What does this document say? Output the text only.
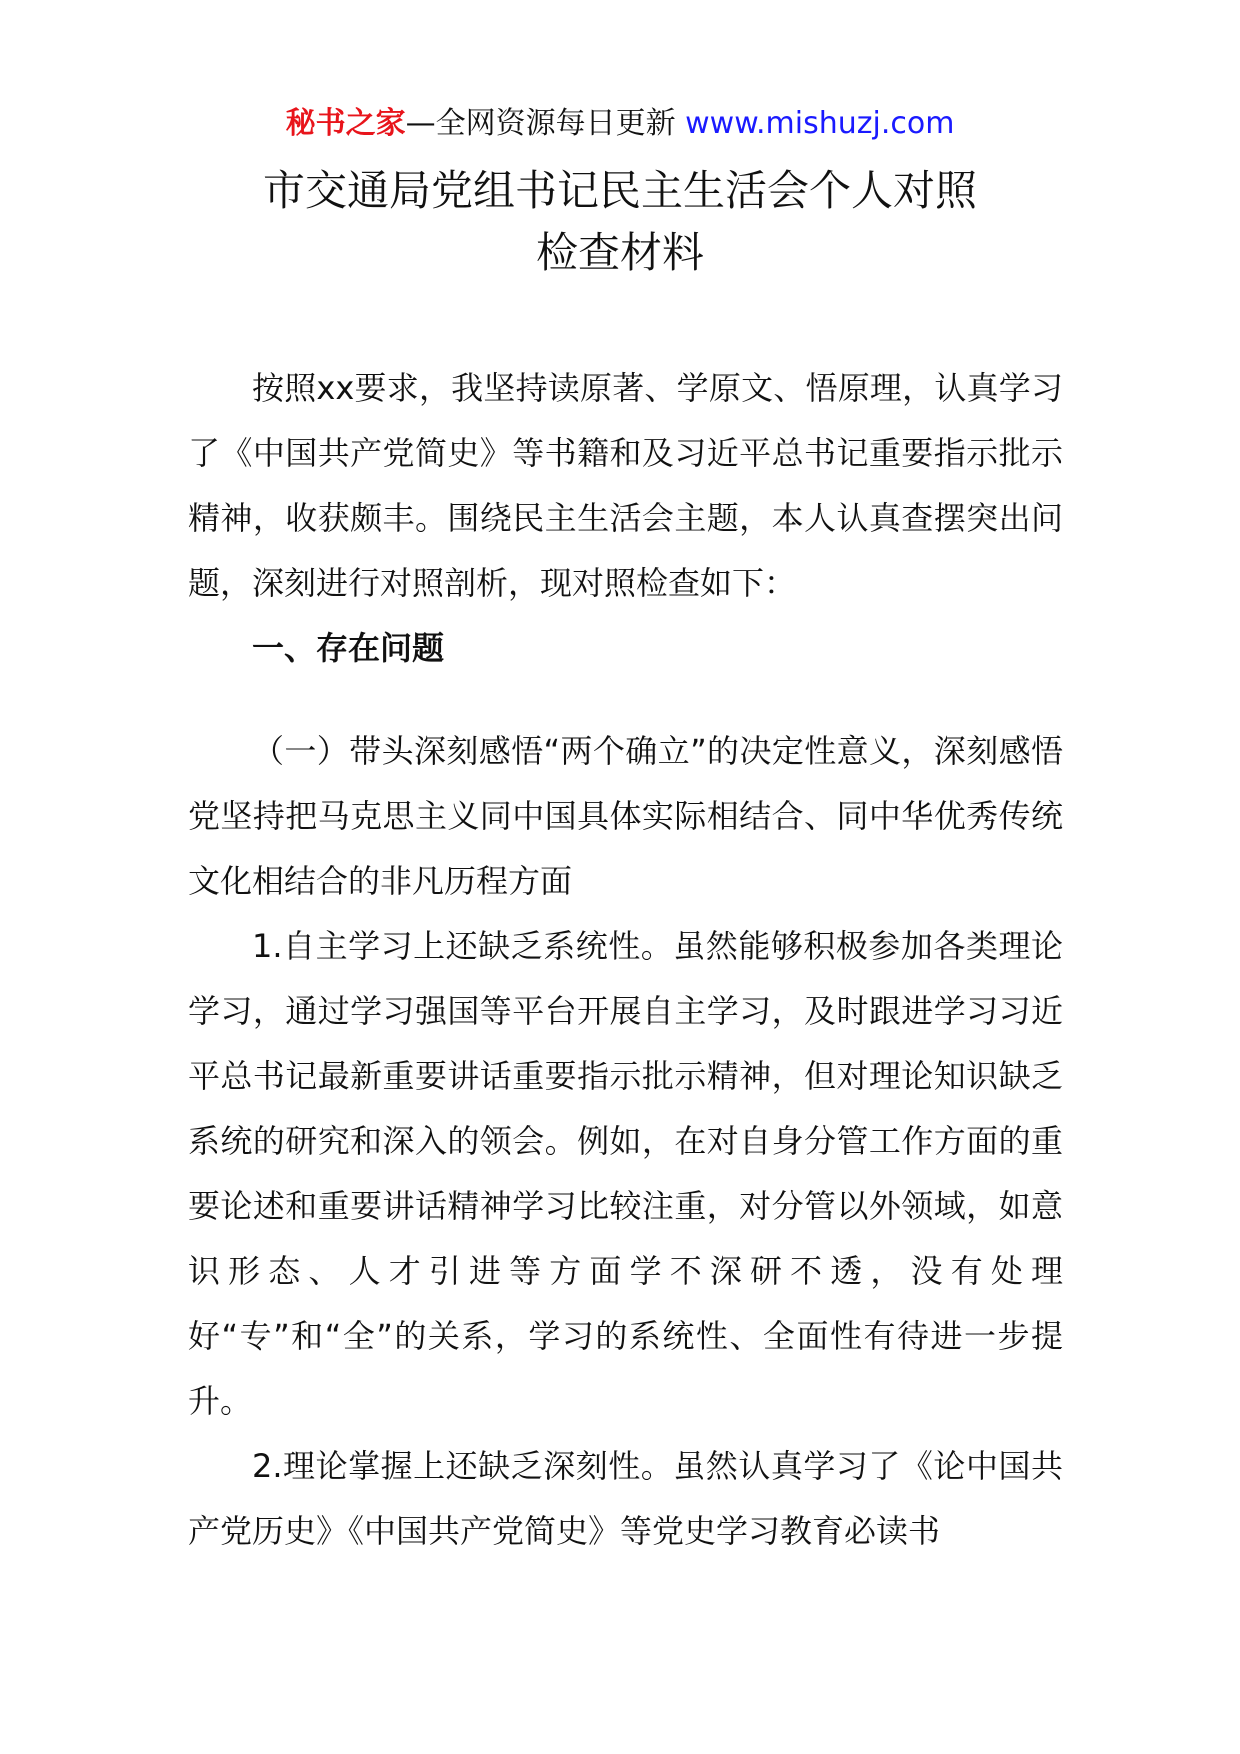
秘书之家—全网资源每日更新 www.mishuzj.com
市交通局党组书记民主生活会个人对照
检查材料

按照xx要求，我坚持读原著、学原文、悟原理，认真学习了《中国共产党简史》等书籍和及习近平总书记重要指示批示精神，收获颇丰。围绕民主生活会主题，本人认真查摆突出问题，深刻进行对照剖析，现对照检查如下：

一、存在问题

（一）带头深刻感悟“两个确立”的决定性意义，深刻感悟党坚持把马克思主义同中国具体实际相结合、同中华优秀传统文化相结合的非凡历程方面

1.自主学习上还缺乏系统性。虽然能够积极参加各类理论学习，通过学习强国等平台开展自主学习，及时跟进学习习近平总书记最新重要讲话重要指示批示精神，但对理论知识缺乏系统的研究和深入的领会。例如，在对自身分管工作方面的重要论述和重要讲话精神学习比较注重，对分管以外领域，如意识形态、人才引进等方面学不深研不透，没有处理好“专”和“全”的关系，学习的系统性、全面性有待进一步提升。

2.理论掌握上还缺乏深刻性。虽然认真学习了《论中国共产党历史》《中国共产党简史》等党史学习教育必读书
